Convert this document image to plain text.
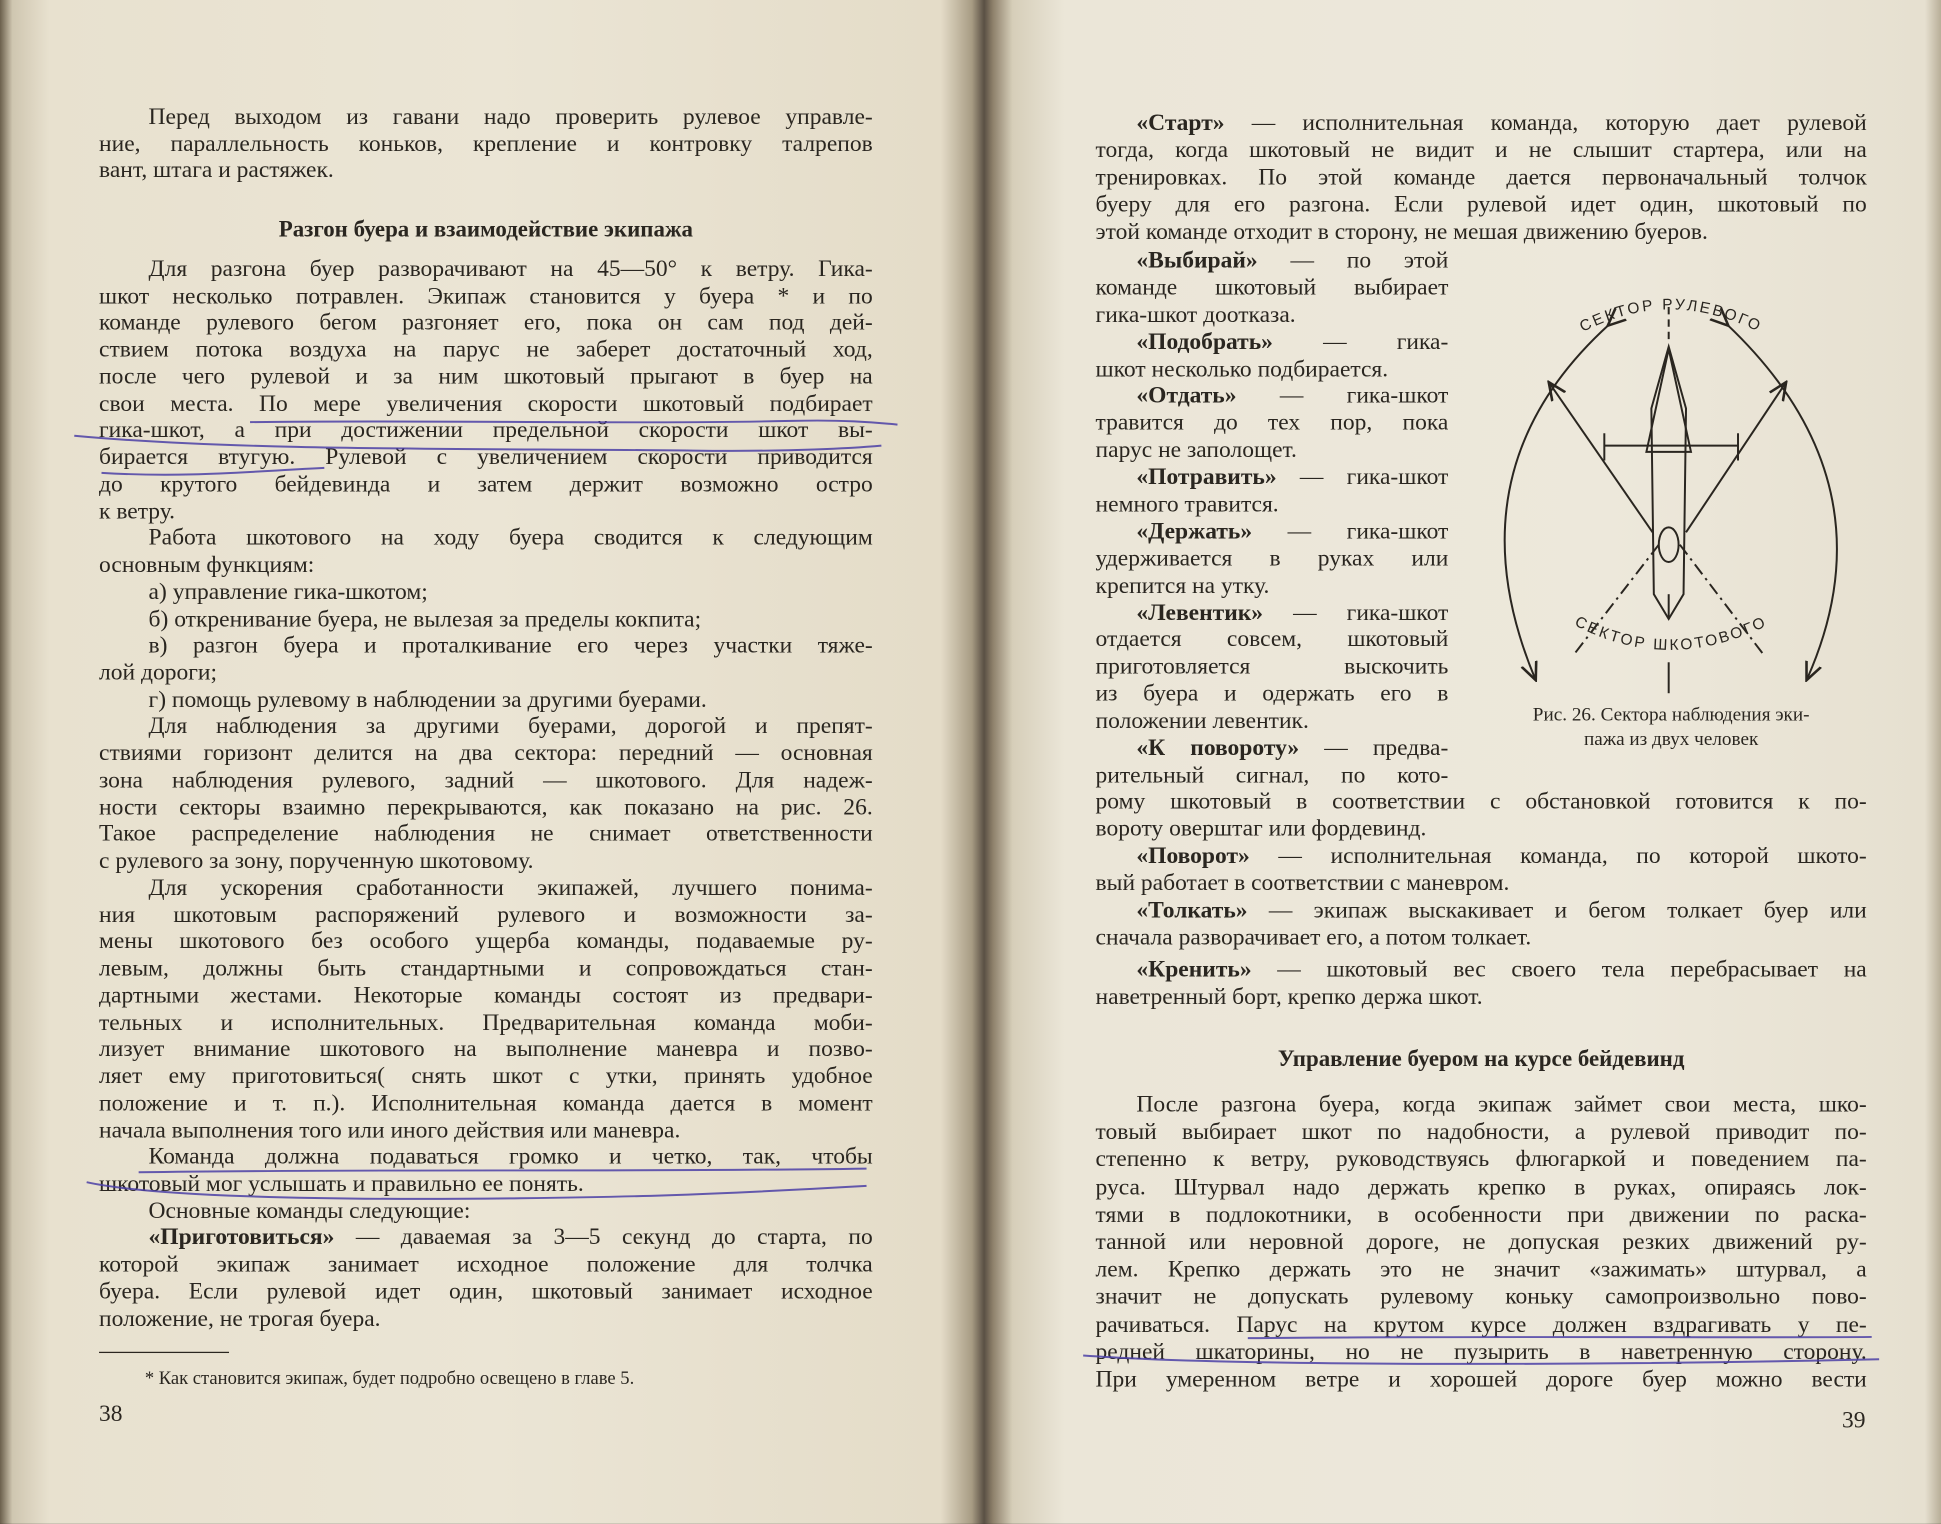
Перед выходом из гавани надо проверить рулевое управле-
ние, параллельность коньков, крепление и контровку талрепов
вант, штага и растяжек.
Разгон буера и взаимодействие экипажа
Для разгона буер разворачивают на 45—50° к ветру. Гика-
шкот несколько потравлен. Экипаж становится у буера * и по
команде рулевого бегом разгоняет его, пока он сам под дей-
ствием потока воздуха на парус не заберет достаточный ход,
после чего рулевой и за ним шкотовый прыгают в буер на
свои места. По мере увеличения скорости шкотовый подбирает
гика-шкот, а при достижении предельной скорости шкот вы-
бирается втугую. Рулевой с увеличением скорости приводится
до крутого бейдевинда и затем держит возможно остро
к ветру.
Работа шкотового на ходу буера сводится к следующим
основным функциям:
а) управление гика-шкотом;
б) откренивание буера, не вылезая за пределы кокпита;
в) разгон буера и проталкивание его через участки тяже-
лой дороги;
г) помощь рулевому в наблюдении за другими буерами.
Для наблюдения за другими буерами, дорогой и препят-
ствиями горизонт делится на два сектора: передний — основная
зона наблюдения рулевого, задний — шкотового. Для надеж-
ности секторы взаимно перекрываются, как показано на рис. 26.
Такое распределение наблюдения не снимает ответственности
с рулевого за зону, порученную шкотовому.
Для ускорения сработанности экипажей, лучшего понима-
ния шкотовым распоряжений рулевого и возможности за-
мены шкотового без особого ущерба команды, подаваемые ру-
левым, должны быть стандартными и сопровождаться стан-
дартными жестами. Некоторые команды состоят из предвари-
тельных и исполнительных. Предварительная команда моби-
лизует внимание шкотового на выполнение маневра и позво-
ляет ему приготовиться( снять шкот с утки, принять удобное
положение и т. п.). Исполнительная команда дается в момент
начала выполнения того или иного действия или маневра.
Команда должна подаваться громко и четко, так, чтобы
шкотовый мог услышать и правильно ее понять.
Основные команды следующие:
«Приготовиться» — даваемая за 3—5 секунд до старта, по
которой экипаж занимает исходное положение для толчка
буера. Если рулевой идет один, шкотовый занимает исходное
положение, не трогая буера.
* Как становится экипаж, будет подробно освещено в главе 5.
38
«Старт» — исполнительная команда, которую дает рулевой
тогда, когда шкотовый не видит и не слышит стартера, или на
тренировках. По этой команде дается первоначальный толчок
буеру для его разгона. Если рулевой идет один, шкотовый по
этой команде отходит в сторону, не мешая движению буеров.
«Выбирай» — по этой
команде шкотовый выбирает
гика-шкот доотказа.
«Подобрать» — гика-
шкот несколько подбирается.
«Отдать» — гика-шкот
травится до тех пор, пока
парус не заполощет.
«Потравить» — гика-шкот
немного травится.
«Держать» — гика-шкот
удерживается в руках или
крепится на утку.
«Левентик» — гика-шкот
отдается совсем, шкотовый
приготовляется выскочить
из буера и одержать его в
положении левентик.
«К повороту» — предва-
рительный сигнал, по кото-
рому шкотовый в соответствии с обстановкой готовится к по-
вороту оверштаг или фордевинд.
«Поворот» — исполнительная команда, по которой шкото-
вый работает в соответствии с маневром.
«Толкать» — экипаж выскакивает и бегом толкает буер или
сначала разворачивает его, а потом толкает.
«Кренить» — шкотовый вес своего тела перебрасывает на
наветренный борт, крепко держа шкот.
Управление буером на курсе бейдевинд
После разгона буера, когда экипаж займет свои места, шко-
товый выбирает шкот по надобности, а рулевой приводит по-
степенно к ветру, руководствуясь флюгаркой и поведением па-
руса. Штурвал надо держать крепко в руках, опираясь лок-
тями в подлокотники, в особенности при движении по раска-
танной или неровной дороге, не допуская резких движений ру-
лем. Крепко держать это не значит «зажимать» штурвал, а
значит не допускать рулевому коньку самопроизвольно пово-
рачиваться. Парус на крутом курсе должен вздрагивать у пе-
редней шкаторины, но не пузырить в наветренную сторону.
При умеренном ветре и хорошей дороге буер можно вести
Рис. 26. Сектора наблюдения эки-
пажа из двух человек
39
СЕКТОР РУЛЕВОГО
СЕКТОР ШКОТОВОГО
